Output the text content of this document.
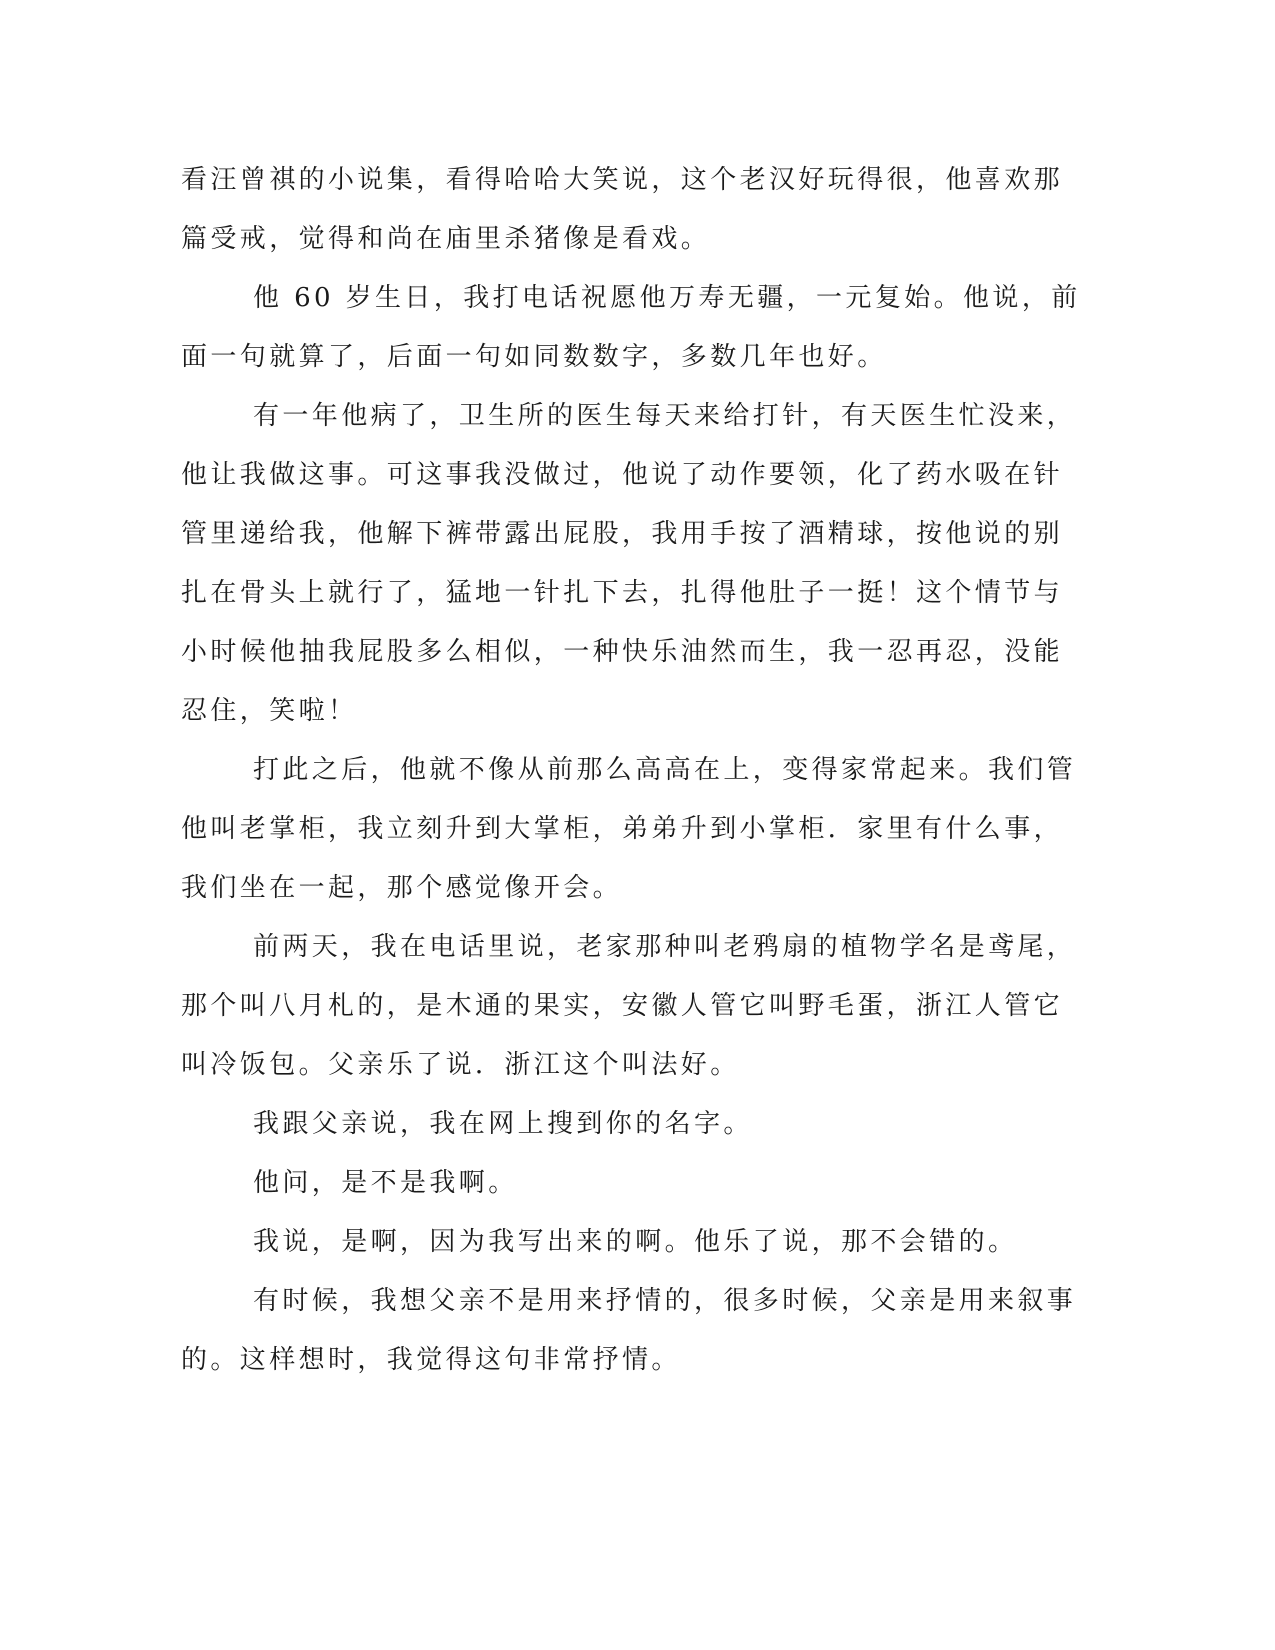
看汪曾祺的小说集，看得哈哈大笑说，这个老汉好玩得很，他喜欢那
篇受戒，觉得和尚在庙里杀猪像是看戏。
他 60 岁生日，我打电话祝愿他万寿无疆，一元复始。他说，前
面一句就算了，后面一句如同数数字，多数几年也好。
有一年他病了，卫生所的医生每天来给打针，有天医生忙没来，
他让我做这事。可这事我没做过，他说了动作要领，化了药水吸在针
管里递给我，他解下裤带露出屁股，我用手按了酒精球，按他说的别
扎在骨头上就行了，猛地一针扎下去，扎得他肚子一挺！这个情节与
小时候他抽我屁股多么相似，一种快乐油然而生，我一忍再忍，没能
忍住，笑啦！
打此之后，他就不像从前那么高高在上，变得家常起来。我们管
他叫老掌柜，我立刻升到大掌柜，弟弟升到小掌柜．家里有什么事，
我们坐在一起，那个感觉像开会。
前两天，我在电话里说，老家那种叫老鸦扇的植物学名是鸢尾，
那个叫八月札的，是木通的果实，安徽人管它叫野毛蛋，浙江人管它
叫冷饭包。父亲乐了说．浙江这个叫法好。
我跟父亲说，我在网上搜到你的名字。
他问，是不是我啊。
我说，是啊，因为我写出来的啊。他乐了说，那不会错的。
有时候，我想父亲不是用来抒情的，很多时候，父亲是用来叙事
的。这样想时，我觉得这句非常抒情。
